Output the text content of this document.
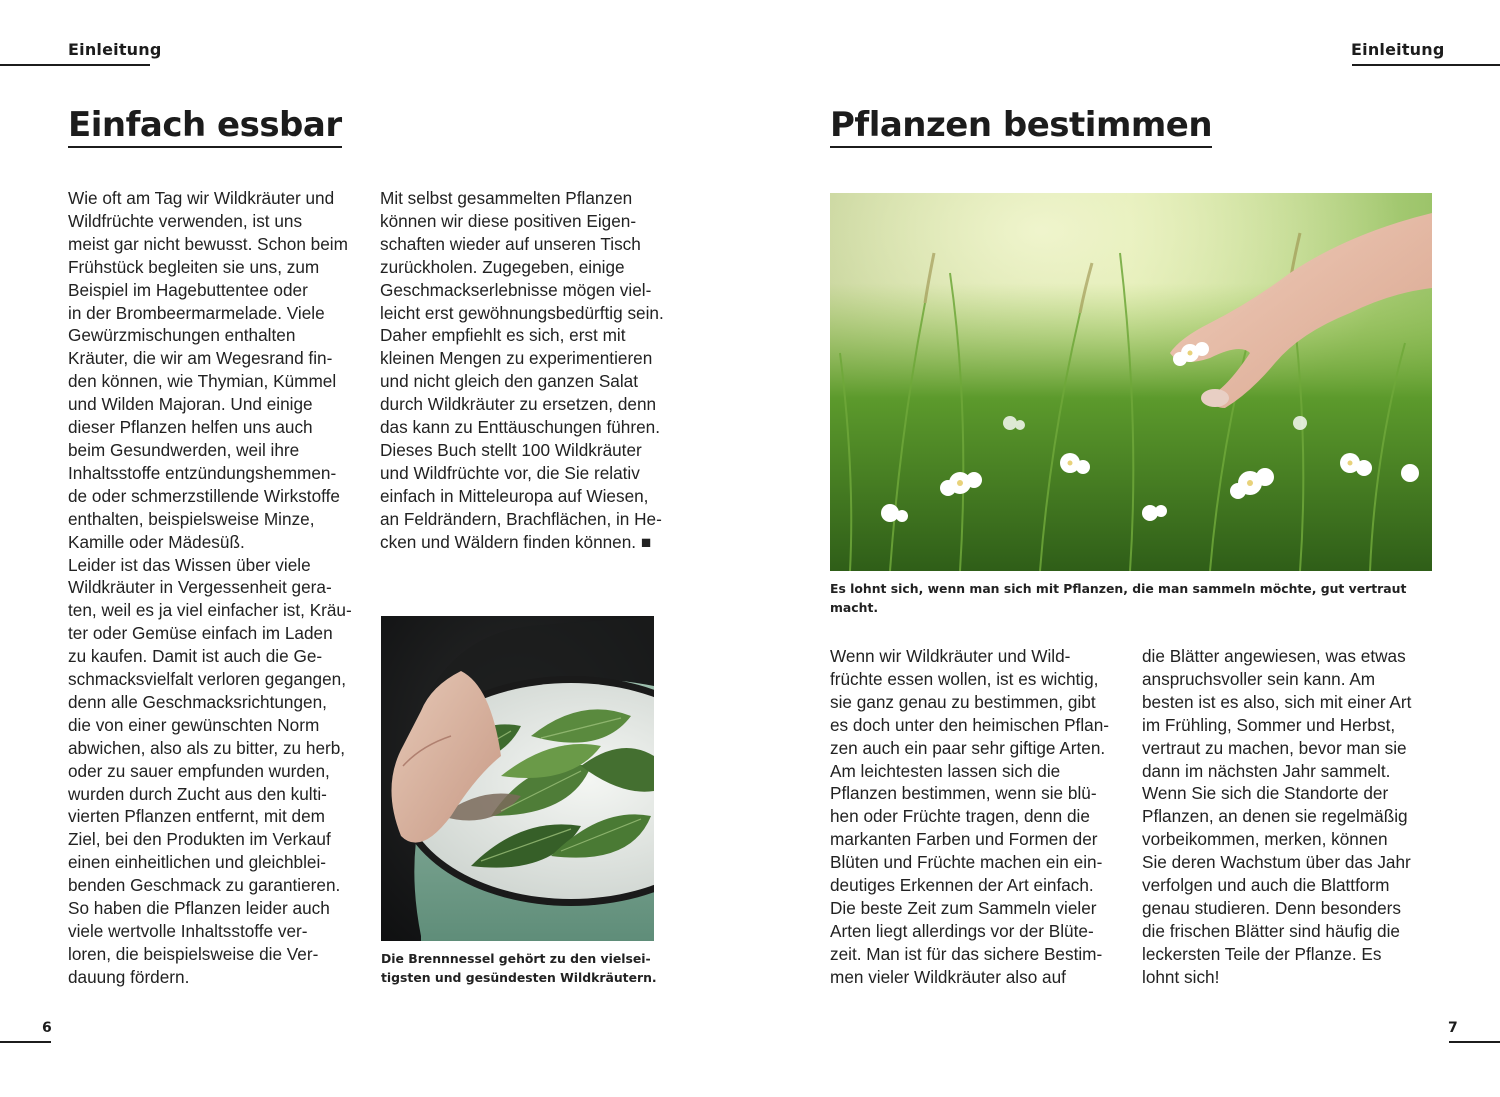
Einleitung
Einfach essbar

Wie oft am Tag wir Wildkräuter und
Wildfrüchte verwenden, ist uns
meist gar nicht bewusst. Schon beim
Frühstück begleiten sie uns, zum
Beispiel im Hagebuttentee oder
in der Brombeermarmelade. Viele
Gewürzmischungen enthalten
Kräuter, die wir am Wegesrand fin-
den können, wie Thymian, Kümmel
und Wilden Majoran. Und einige
dieser Pflanzen helfen uns auch
beim Gesundwerden, weil ihre
Inhaltsstoffe entzündungshemmen-
de oder schmerzstillende Wirkstoffe
enthalten, beispielsweise Minze,
Kamille oder Mädesüß.
Leider ist das Wissen über viele
Wildkräuter in Vergessenheit gera-
ten, weil es ja viel einfacher ist, Kräu-
ter oder Gemüse einfach im Laden
zu kaufen. Damit ist auch die Ge-
schmacksvielfalt verloren gegangen,
denn alle Geschmacksrichtungen,
die von einer gewünschten Norm
abwichen, also als zu bitter, zu herb,
oder zu sauer empfunden wurden,
wurden durch Zucht aus den kulti-
vierten Pflanzen entfernt, mit dem
Ziel, bei den Produkten im Verkauf
einen einheitlichen und gleichblei-
benden Geschmack zu garantieren.
So haben die Pflanzen leider auch
viele wertvolle Inhaltsstoffe ver-
loren, die beispielsweise die Ver-
dauung fördern.

Mit selbst gesammelten Pflanzen
können wir diese positiven Eigen-
schaften wieder auf unseren Tisch
zurückholen. Zugegeben, einige
Geschmackserlebnisse mögen viel-
leicht erst gewöhnungsbedürftig sein.
Daher empfiehlt es sich, erst mit
kleinen Mengen zu experimentieren
und nicht gleich den ganzen Salat
durch Wildkräuter zu ersetzen, denn
das kann zu Enttäuschungen führen.
Dieses Buch stellt 100 Wildkräuter
und Wildfrüchte vor, die Sie relativ
einfach in Mitteleuropa auf Wiesen,
an Feldrändern, Brachflächen, in He-
cken und Wäldern finden können. ■

Die Brennnessel gehört zu den vielsei-
tigsten und gesündesten Wildkräutern.
6
Einleitung
Pflanzen bestimmen
Es lohnt sich, wenn man sich mit Pflanzen, die man sammeln möchte, gut vertraut macht.

Wenn wir Wildkräuter und Wild-
früchte essen wollen, ist es wichtig,
sie ganz genau zu bestimmen, gibt
es doch unter den heimischen Pflan-
zen auch ein paar sehr giftige Arten.
Am leichtesten lassen sich die
Pflanzen bestimmen, wenn sie blü-
hen oder Früchte tragen, denn die
markanten Farben und Formen der
Blüten und Früchte machen ein ein-
deutiges Erkennen der Art einfach.
Die beste Zeit zum Sammeln vieler
Arten liegt allerdings vor der Blüte-
zeit. Man ist für das sichere Bestim-
men vieler Wildkräuter also auf

die Blätter angewiesen, was etwas
anspruchsvoller sein kann. Am
besten ist es also, sich mit einer Art
im Frühling, Sommer und Herbst,
vertraut zu machen, bevor man sie
dann im nächsten Jahr sammelt.
Wenn Sie sich die Standorte der
Pflanzen, an denen sie regelmäßig
vorbeikommen, merken, können
Sie deren Wachstum über das Jahr
verfolgen und auch die Blattform
genau studieren. Denn besonders
die frischen Blätter sind häufig die
leckersten Teile der Pflanze. Es
lohnt sich!

7
